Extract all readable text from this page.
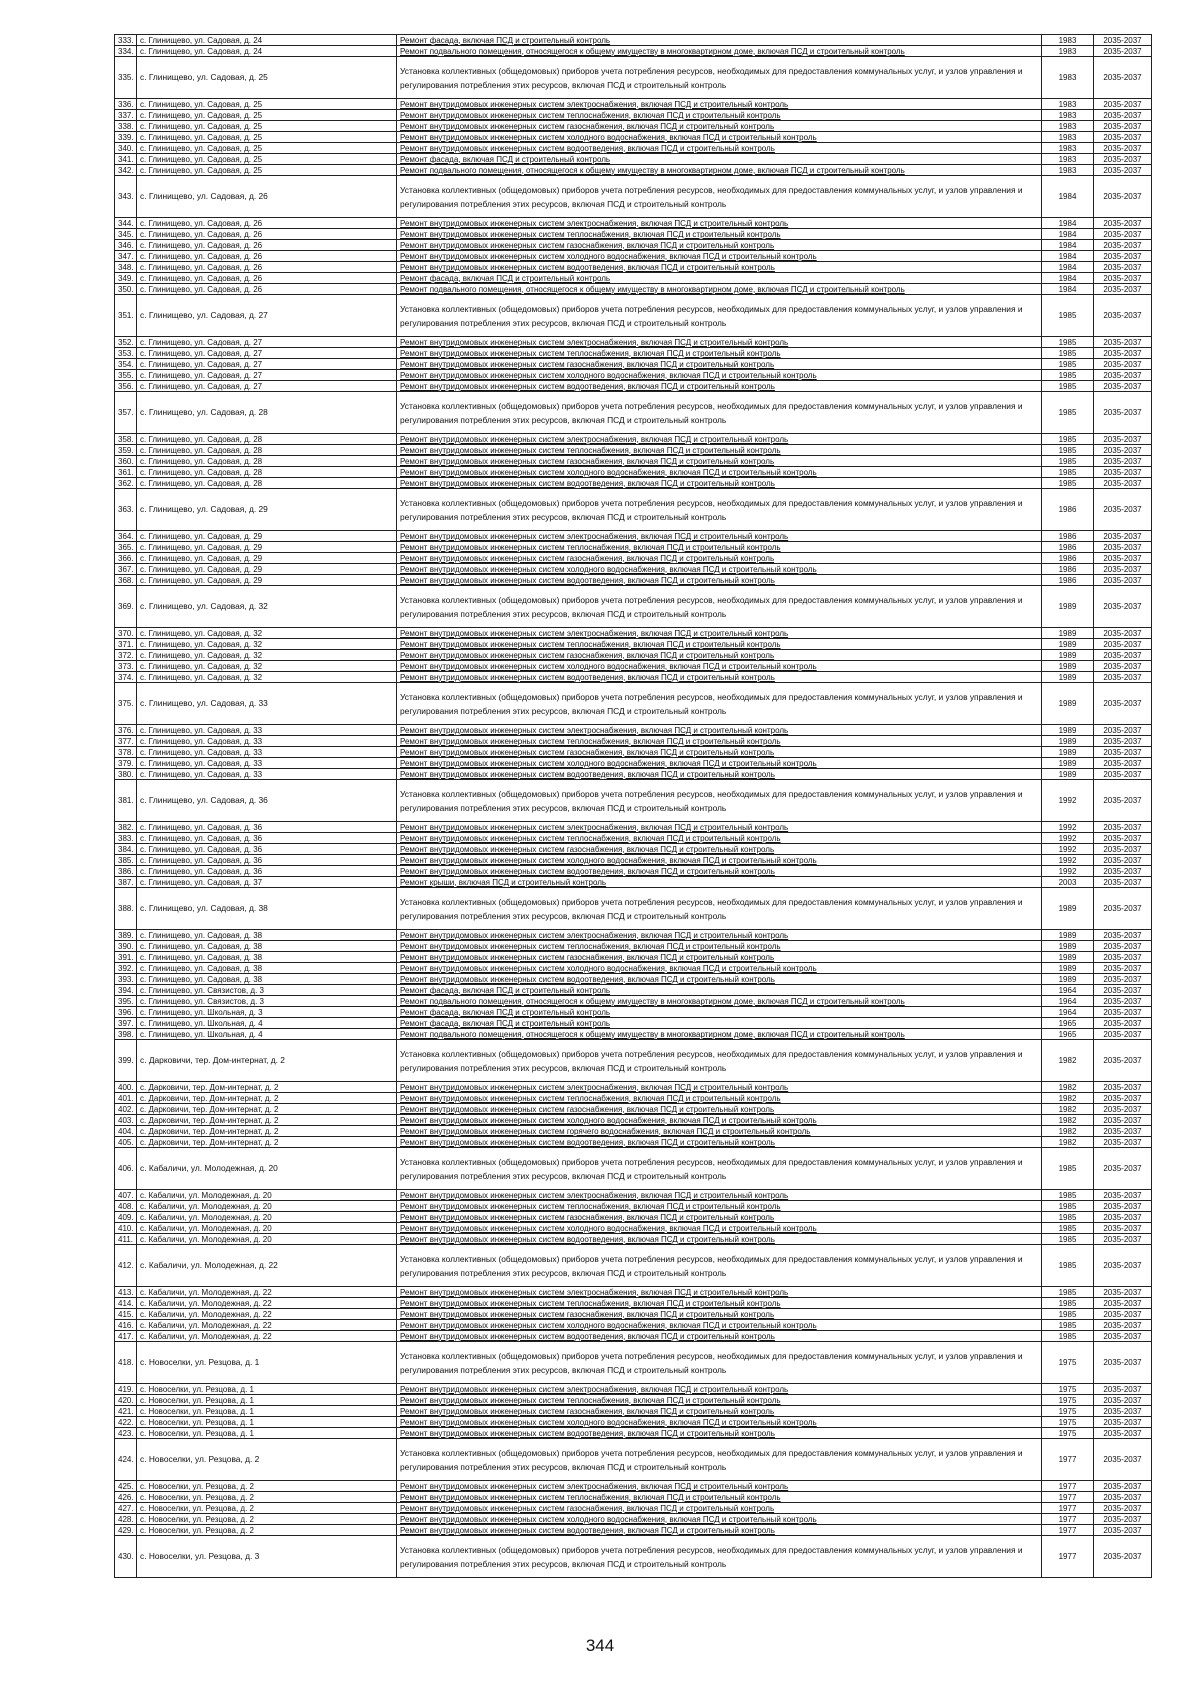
333.	с. Глинищево, ул. Садовая, д. 24	Ремонт фасада, включая ПСД и строительный контроль	1983	2035-2037
334.	с. Глинищево, ул. Садовая, д. 24	Ремонт подвального помещения, относящегося к общему имуществу в многоквартирном доме, включая ПСД и строительный контроль	1983	2035-2037
335.	с. Глинищево, ул. Садовая, д. 25	Установка коллективных (общедомовых) приборов учета потребления ресурсов, необходимых для предоставления коммунальных услуг, и узлов управления и регулирования потребления этих ресурсов, включая ПСД и строительный контроль	1983	2035-2037
336.	с. Глинищево, ул. Садовая, д. 25	Ремонт внутридомовых инженерных систем электроснабжения, включая ПСД и строительный контроль	1983	2035-2037
337.	с. Глинищево, ул. Садовая, д. 25	Ремонт внутридомовых инженерных систем теплоснабжения, включая ПСД и строительный контроль	1983	2035-2037
338.	с. Глинищево, ул. Садовая, д. 25	Ремонт внутридомовых инженерных систем газоснабжения, включая ПСД и строительный контроль	1983	2035-2037
339.	с. Глинищево, ул. Садовая, д. 25	Ремонт внутридомовых инженерных систем холодного водоснабжения, включая ПСД и строительный контроль	1983	2035-2037
340.	с. Глинищево, ул. Садовая, д. 25	Ремонт внутридомовых инженерных систем водоотведения, включая ПСД и строительный контроль	1983	2035-2037
341.	с. Глинищево, ул. Садовая, д. 25	Ремонт фасада, включая ПСД и строительный контроль	1983	2035-2037
342.	с. Глинищево, ул. Садовая, д. 25	Ремонт подвального помещения, относящегося к общему имуществу в многоквартирном доме, включая ПСД и строительный контроль	1983	2035-2037
343.	с. Глинищево, ул. Садовая, д. 26	Установка коллективных (общедомовых) приборов учета потребления ресурсов, необходимых для предоставления коммунальных услуг, и узлов управления и регулирования потребления этих ресурсов, включая ПСД и строительный контроль	1984	2035-2037
344.	с. Глинищево, ул. Садовая, д. 26	Ремонт внутридомовых инженерных систем электроснабжения, включая ПСД и строительный контроль	1984	2035-2037
345.	с. Глинищево, ул. Садовая, д. 26	Ремонт внутридомовых инженерных систем теплоснабжения, включая ПСД и строительный контроль	1984	2035-2037
346.	с. Глинищево, ул. Садовая, д. 26	Ремонт внутридомовых инженерных систем газоснабжения, включая ПСД и строительный контроль	1984	2035-2037
347.	с. Глинищево, ул. Садовая, д. 26	Ремонт внутридомовых инженерных систем холодного водоснабжения, включая ПСД и строительный контроль	1984	2035-2037
348.	с. Глинищево, ул. Садовая, д. 26	Ремонт внутридомовых инженерных систем водоотведения, включая ПСД и строительный контроль	1984	2035-2037
349.	с. Глинищево, ул. Садовая, д. 26	Ремонт фасада, включая ПСД и строительный контроль	1984	2035-2037
350.	с. Глинищево, ул. Садовая, д. 26	Ремонт подвального помещения, относящегося к общему имуществу в многоквартирном доме, включая ПСД и строительный контроль	1984	2035-2037
351.	с. Глинищево, ул. Садовая, д. 27	Установка коллективных (общедомовых) приборов учета потребления ресурсов, необходимых для предоставления коммунальных услуг, и узлов управления и регулирования потребления этих ресурсов, включая ПСД и строительный контроль	1985	2035-2037
352.	с. Глинищево, ул. Садовая, д. 27	Ремонт внутридомовых инженерных систем электроснабжения, включая ПСД и строительный контроль	1985	2035-2037
353.	с. Глинищево, ул. Садовая, д. 27	Ремонт внутридомовых инженерных систем теплоснабжения, включая ПСД и строительный контроль	1985	2035-2037
354.	с. Глинищево, ул. Садовая, д. 27	Ремонт внутридомовых инженерных систем газоснабжения, включая ПСД и строительный контроль	1985	2035-2037
355.	с. Глинищево, ул. Садовая, д. 27	Ремонт внутридомовых инженерных систем холодного водоснабжения, включая ПСД и строительный контроль	1985	2035-2037
356.	с. Глинищево, ул. Садовая, д. 27	Ремонт внутридомовых инженерных систем водоотведения, включая ПСД и строительный контроль	1985	2035-2037
357.	с. Глинищево, ул. Садовая, д. 28	Установка коллективных (общедомовых) приборов учета потребления ресурсов, необходимых для предоставления коммунальных услуг, и узлов управления и регулирования потребления этих ресурсов, включая ПСД и строительный контроль	1985	2035-2037
358.	с. Глинищево, ул. Садовая, д. 28	Ремонт внутридомовых инженерных систем электроснабжения, включая ПСД и строительный контроль	1985	2035-2037
359.	с. Глинищево, ул. Садовая, д. 28	Ремонт внутридомовых инженерных систем теплоснабжения, включая ПСД и строительный контроль	1985	2035-2037
360.	с. Глинищево, ул. Садовая, д. 28	Ремонт внутридомовых инженерных систем газоснабжения, включая ПСД и строительный контроль	1985	2035-2037
361.	с. Глинищево, ул. Садовая, д. 28	Ремонт внутридомовых инженерных систем холодного водоснабжения, включая ПСД и строительный контроль	1985	2035-2037
362.	с. Глинищево, ул. Садовая, д. 28	Ремонт внутридомовых инженерных систем водоотведения, включая ПСД и строительный контроль	1985	2035-2037
363.	с. Глинищево, ул. Садовая, д. 29	Установка коллективных (общедомовых) приборов учета потребления ресурсов, необходимых для предоставления коммунальных услуг, и узлов управления и регулирования потребления этих ресурсов, включая ПСД и строительный контроль	1986	2035-2037
364.	с. Глинищево, ул. Садовая, д. 29	Ремонт внутридомовых инженерных систем электроснабжения, включая ПСД и строительный контроль	1986	2035-2037
365.	с. Глинищево, ул. Садовая, д. 29	Ремонт внутридомовых инженерных систем теплоснабжения, включая ПСД и строительный контроль	1986	2035-2037
366.	с. Глинищево, ул. Садовая, д. 29	Ремонт внутридомовых инженерных систем газоснабжения, включая ПСД и строительный контроль	1986	2035-2037
367.	с. Глинищево, ул. Садовая, д. 29	Ремонт внутридомовых инженерных систем холодного водоснабжения, включая ПСД и строительный контроль	1986	2035-2037
368.	с. Глинищево, ул. Садовая, д. 29	Ремонт внутридомовых инженерных систем водоотведения, включая ПСД и строительный контроль	1986	2035-2037
369.	с. Глинищево, ул. Садовая, д. 32	Установка коллективных (общедомовых) приборов учета потребления ресурсов, необходимых для предоставления коммунальных услуг, и узлов управления и регулирования потребления этих ресурсов, включая ПСД и строительный контроль	1989	2035-2037
370.	с. Глинищево, ул. Садовая, д. 32	Ремонт внутридомовых инженерных систем электроснабжения, включая ПСД и строительный контроль	1989	2035-2037
371.	с. Глинищево, ул. Садовая, д. 32	Ремонт внутридомовых инженерных систем теплоснабжения, включая ПСД и строительный контроль	1989	2035-2037
372.	с. Глинищево, ул. Садовая, д. 32	Ремонт внутридомовых инженерных систем газоснабжения, включая ПСД и строительный контроль	1989	2035-2037
373.	с. Глинищево, ул. Садовая, д. 32	Ремонт внутридомовых инженерных систем холодного водоснабжения, включая ПСД и строительный контроль	1989	2035-2037
374.	с. Глинищево, ул. Садовая, д. 32	Ремонт внутридомовых инженерных систем водоотведения, включая ПСД и строительный контроль	1989	2035-2037
375.	с. Глинищево, ул. Садовая, д. 33	Установка коллективных (общедомовых) приборов учета потребления ресурсов, необходимых для предоставления коммунальных услуг, и узлов управления и регулирования потребления этих ресурсов, включая ПСД и строительный контроль	1989	2035-2037
376.	с. Глинищево, ул. Садовая, д. 33	Ремонт внутридомовых инженерных систем электроснабжения, включая ПСД и строительный контроль	1989	2035-2037
377.	с. Глинищево, ул. Садовая, д. 33	Ремонт внутридомовых инженерных систем теплоснабжения, включая ПСД и строительный контроль	1989	2035-2037
378.	с. Глинищево, ул. Садовая, д. 33	Ремонт внутридомовых инженерных систем газоснабжения, включая ПСД и строительный контроль	1989	2035-2037
379.	с. Глинищево, ул. Садовая, д. 33	Ремонт внутридомовых инженерных систем холодного водоснабжения, включая ПСД и строительный контроль	1989	2035-2037
380.	с. Глинищево, ул. Садовая, д. 33	Ремонт внутридомовых инженерных систем водоотведения, включая ПСД и строительный контроль	1989	2035-2037
381.	с. Глинищево, ул. Садовая, д. 36	Установка коллективных (общедомовых) приборов учета потребления ресурсов, необходимых для предоставления коммунальных услуг, и узлов управления и регулирования потребления этих ресурсов, включая ПСД и строительный контроль	1992	2035-2037
382.	с. Глинищево, ул. Садовая, д. 36	Ремонт внутридомовых инженерных систем электроснабжения, включая ПСД и строительный контроль	1992	2035-2037
383.	с. Глинищево, ул. Садовая, д. 36	Ремонт внутридомовых инженерных систем теплоснабжения, включая ПСД и строительный контроль	1992	2035-2037
384.	с. Глинищево, ул. Садовая, д. 36	Ремонт внутридомовых инженерных систем газоснабжения, включая ПСД и строительный контроль	1992	2035-2037
385.	с. Глинищево, ул. Садовая, д. 36	Ремонт внутридомовых инженерных систем холодного водоснабжения, включая ПСД и строительный контроль	1992	2035-2037
386.	с. Глинищево, ул. Садовая, д. 36	Ремонт внутридомовых инженерных систем водоотведения, включая ПСД и строительный контроль	1992	2035-2037
387.	с. Глинищево, ул. Садовая, д. 37	Ремонт крыши, включая ПСД и строительный контроль	2003	2035-2037
388.	с. Глинищево, ул. Садовая, д. 38	Установка коллективных (общедомовых) приборов учета потребления ресурсов, необходимых для предоставления коммунальных услуг, и узлов управления и регулирования потребления этих ресурсов, включая ПСД и строительный контроль	1989	2035-2037
389.	с. Глинищево, ул. Садовая, д. 38	Ремонт внутридомовых инженерных систем электроснабжения, включая ПСД и строительный контроль	1989	2035-2037
390.	с. Глинищево, ул. Садовая, д. 38	Ремонт внутридомовых инженерных систем теплоснабжения, включая ПСД и строительный контроль	1989	2035-2037
391.	с. Глинищево, ул. Садовая, д. 38	Ремонт внутридомовых инженерных систем газоснабжения, включая ПСД и строительный контроль	1989	2035-2037
392.	с. Глинищево, ул. Садовая, д. 38	Ремонт внутридомовых инженерных систем холодного водоснабжения, включая ПСД и строительный контроль	1989	2035-2037
393.	с. Глинищево, ул. Садовая, д. 38	Ремонт внутридомовых инженерных систем водоотведения, включая ПСД и строительный контроль	1989	2035-2037
394.	с. Глинищево, ул. Связистов, д. 3	Ремонт фасада, включая ПСД и строительный контроль	1964	2035-2037
395.	с. Глинищево, ул. Связистов, д. 3	Ремонт подвального помещения, относящегося к общему имуществу в многоквартирном доме, включая ПСД и строительный контроль	1964	2035-2037
396.	с. Глинищево, ул. Школьная, д. 3	Ремонт фасада, включая ПСД и строительный контроль	1964	2035-2037
397.	с. Глинищево, ул. Школьная, д. 4	Ремонт фасада, включая ПСД и строительный контроль	1965	2035-2037
398.	с. Глинищево, ул. Школьная, д. 4	Ремонт подвального помещения, относящегося к общему имуществу в многоквартирном доме, включая ПСД и строительный контроль	1965	2035-2037
399.	с. Дарковичи, тер. Дом-интернат, д. 2	Установка коллективных (общедомовых) приборов учета потребления ресурсов, необходимых для предоставления коммунальных услуг, и узлов управления и регулирования потребления этих ресурсов, включая ПСД и строительный контроль	1982	2035-2037
400.	с. Дарковичи, тер. Дом-интернат, д. 2	Ремонт внутридомовых инженерных систем электроснабжения, включая ПСД и строительный контроль	1982	2035-2037
401.	с. Дарковичи, тер. Дом-интернат, д. 2	Ремонт внутридомовых инженерных систем теплоснабжения, включая ПСД и строительный контроль	1982	2035-2037
402.	с. Дарковичи, тер. Дом-интернат, д. 2	Ремонт внутридомовых инженерных систем газоснабжения, включая ПСД и строительный контроль	1982	2035-2037
403.	с. Дарковичи, тер. Дом-интернат, д. 2	Ремонт внутридомовых инженерных систем холодного водоснабжения, включая ПСД и строительный контроль	1982	2035-2037
404.	с. Дарковичи, тер. Дом-интернат, д. 2	Ремонт внутридомовых инженерных систем горячего водоснабжения, включая ПСД и строительный контроль	1982	2035-2037
405.	с. Дарковичи, тер. Дом-интернат, д. 2	Ремонт внутридомовых инженерных систем водоотведения, включая ПСД и строительный контроль	1982	2035-2037
406.	с. Кабаличи, ул. Молодежная, д. 20	Установка коллективных (общедомовых) приборов учета потребления ресурсов, необходимых для предоставления коммунальных услуг, и узлов управления и регулирования потребления этих ресурсов, включая ПСД и строительный контроль	1985	2035-2037
407.	с. Кабаличи, ул. Молодежная, д. 20	Ремонт внутридомовых инженерных систем электроснабжения, включая ПСД и строительный контроль	1985	2035-2037
408.	с. Кабаличи, ул. Молодежная, д. 20	Ремонт внутридомовых инженерных систем теплоснабжения, включая ПСД и строительный контроль	1985	2035-2037
409.	с. Кабаличи, ул. Молодежная, д. 20	Ремонт внутридомовых инженерных систем газоснабжения, включая ПСД и строительный контроль	1985	2035-2037
410.	с. Кабаличи, ул. Молодежная, д. 20	Ремонт внутридомовых инженерных систем холодного водоснабжения, включая ПСД и строительный контроль	1985	2035-2037
411.	с. Кабаличи, ул. Молодежная, д. 20	Ремонт внутридомовых инженерных систем водоотведения, включая ПСД и строительный контроль	1985	2035-2037
412.	с. Кабаличи, ул. Молодежная, д. 22	Установка коллективных (общедомовых) приборов учета потребления ресурсов, необходимых для предоставления коммунальных услуг, и узлов управления и регулирования потребления этих ресурсов, включая ПСД и строительный контроль	1985	2035-2037
413.	с. Кабаличи, ул. Молодежная, д. 22	Ремонт внутридомовых инженерных систем электроснабжения, включая ПСД и строительный контроль	1985	2035-2037
414.	с. Кабаличи, ул. Молодежная, д. 22	Ремонт внутридомовых инженерных систем теплоснабжения, включая ПСД и строительный контроль	1985	2035-2037
415.	с. Кабаличи, ул. Молодежная, д. 22	Ремонт внутридомовых инженерных систем газоснабжения, включая ПСД и строительный контроль	1985	2035-2037
416.	с. Кабаличи, ул. Молодежная, д. 22	Ремонт внутридомовых инженерных систем холодного водоснабжения, включая ПСД и строительный контроль	1985	2035-2037
417.	с. Кабаличи, ул. Молодежная, д. 22	Ремонт внутридомовых инженерных систем водоотведения, включая ПСД и строительный контроль	1985	2035-2037
418.	с. Новоселки, ул. Резцова, д. 1	Установка коллективных (общедомовых) приборов учета потребления ресурсов, необходимых для предоставления коммунальных услуг, и узлов управления и регулирования потребления этих ресурсов, включая ПСД и строительный контроль	1975	2035-2037
419.	с. Новоселки, ул. Резцова, д. 1	Ремонт внутридомовых инженерных систем электроснабжения, включая ПСД и строительный контроль	1975	2035-2037
420.	с. Новоселки, ул. Резцова, д. 1	Ремонт внутридомовых инженерных систем теплоснабжения, включая ПСД и строительный контроль	1975	2035-2037
421.	с. Новоселки, ул. Резцова, д. 1	Ремонт внутридомовых инженерных систем газоснабжения, включая ПСД и строительный контроль	1975	2035-2037
422.	с. Новоселки, ул. Резцова, д. 1	Ремонт внутридомовых инженерных систем холодного водоснабжения, включая ПСД и строительный контроль	1975	2035-2037
423.	с. Новоселки, ул. Резцова, д. 1	Ремонт внутридомовых инженерных систем водоотведения, включая ПСД и строительный контроль	1975	2035-2037
424.	с. Новоселки, ул. Резцова, д. 2	Установка коллективных (общедомовых) приборов учета потребления ресурсов, необходимых для предоставления коммунальных услуг, и узлов управления и регулирования потребления этих ресурсов, включая ПСД и строительный контроль	1977	2035-2037
425.	с. Новоселки, ул. Резцова, д. 2	Ремонт внутридомовых инженерных систем электроснабжения, включая ПСД и строительный контроль	1977	2035-2037
426.	с. Новоселки, ул. Резцова, д. 2	Ремонт внутридомовых инженерных систем теплоснабжения, включая ПСД и строительный контроль	1977	2035-2037
427.	с. Новоселки, ул. Резцова, д. 2	Ремонт внутридомовых инженерных систем газоснабжения, включая ПСД и строительный контроль	1977	2035-2037
428.	с. Новоселки, ул. Резцова, д. 2	Ремонт внутридомовых инженерных систем холодного водоснабжения, включая ПСД и строительный контроль	1977	2035-2037
429.	с. Новоселки, ул. Резцова, д. 2	Ремонт внутридомовых инженерных систем водоотведения, включая ПСД и строительный контроль	1977	2035-2037
430.	с. Новоселки, ул. Резцова, д. 3	Установка коллективных (общедомовых) приборов учета потребления ресурсов, необходимых для предоставления коммунальных услуг, и узлов управления и регулирования потребления этих ресурсов, включая ПСД и строительный контроль	1977	2035-2037
344
